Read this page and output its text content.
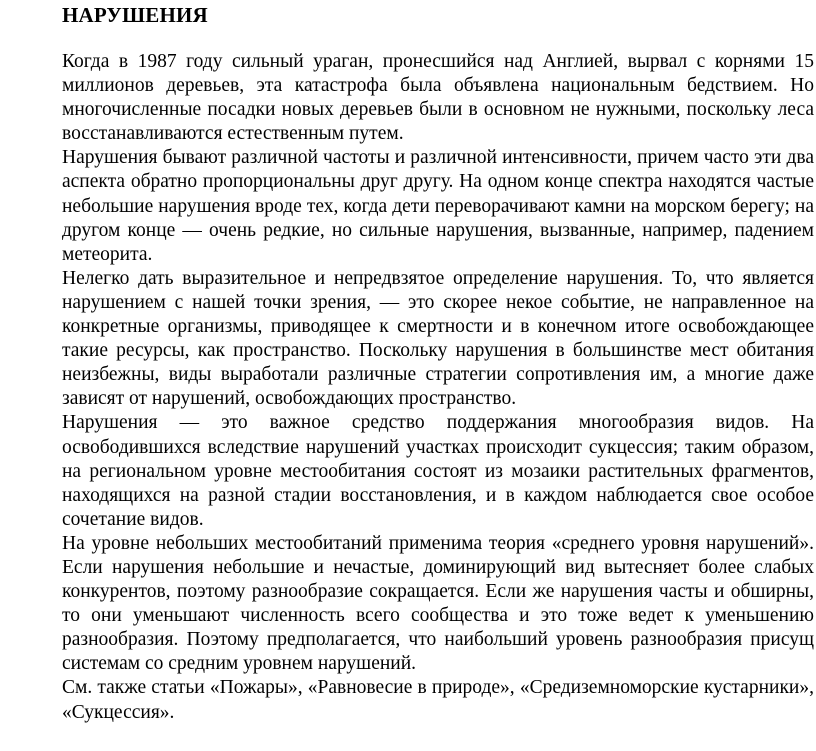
НАРУШЕНИЯ

Когда в 1987 году сильный ураган, пронесшийся над Англией, вырвал с корнями 15 миллионов деревьев, эта катастрофа была объявлена национальным бедствием. Но многочисленные посадки новых деревьев были в основном не нужными, поскольку леса восстанавливаются естественным путем.

Нарушения бывают различной частоты и различной интенсивности, причем часто эти два аспекта обратно пропорциональны друг другу. На одном конце спектра находятся частые небольшие нарушения вроде тех, когда дети переворачивают камни на морском берегу; на другом конце — очень редкие, но сильные нарушения, вызванные, например, падением метеорита.

Нелегко дать выразительное и непредвзятое определение нарушения. То, что является нарушением с нашей точки зрения, — это скорее некое событие, не направленное на конкретные организмы, приводящее к смертности и в конечном итоге освобождающее такие ресурсы, как пространство. Поскольку нарушения в большинстве мест обитания неизбежны, виды выработали различные стратегии сопротивления им, а многие даже зависят от нарушений, освобождающих пространство.

Нарушения — это важное средство поддержания многообразия видов. На освободившихся вследствие нарушений участках происходит сукцессия; таким образом, на региональном уровне местообитания состоят из мозаики растительных фрагментов, находящихся на разной стадии восстановления, и в каждом наблюдается свое особое сочетание видов.

На уровне небольших местообитаний применима теория «среднего уровня нарушений». Если нарушения небольшие и нечастые, доминирующий вид вытесняет более слабых конкурентов, поэтому разнообразие сокращается. Если же нарушения часты и обширны, то они уменьшают численность всего сообщества и это тоже ведет к уменьшению разнообразия. Поэтому предполагается, что наибольший уровень разнообразия присущ системам со средним уровнем нарушений.

См. также статьи «Пожары», «Равновесие в природе», «Средиземноморские кустарники», «Сукцессия».
